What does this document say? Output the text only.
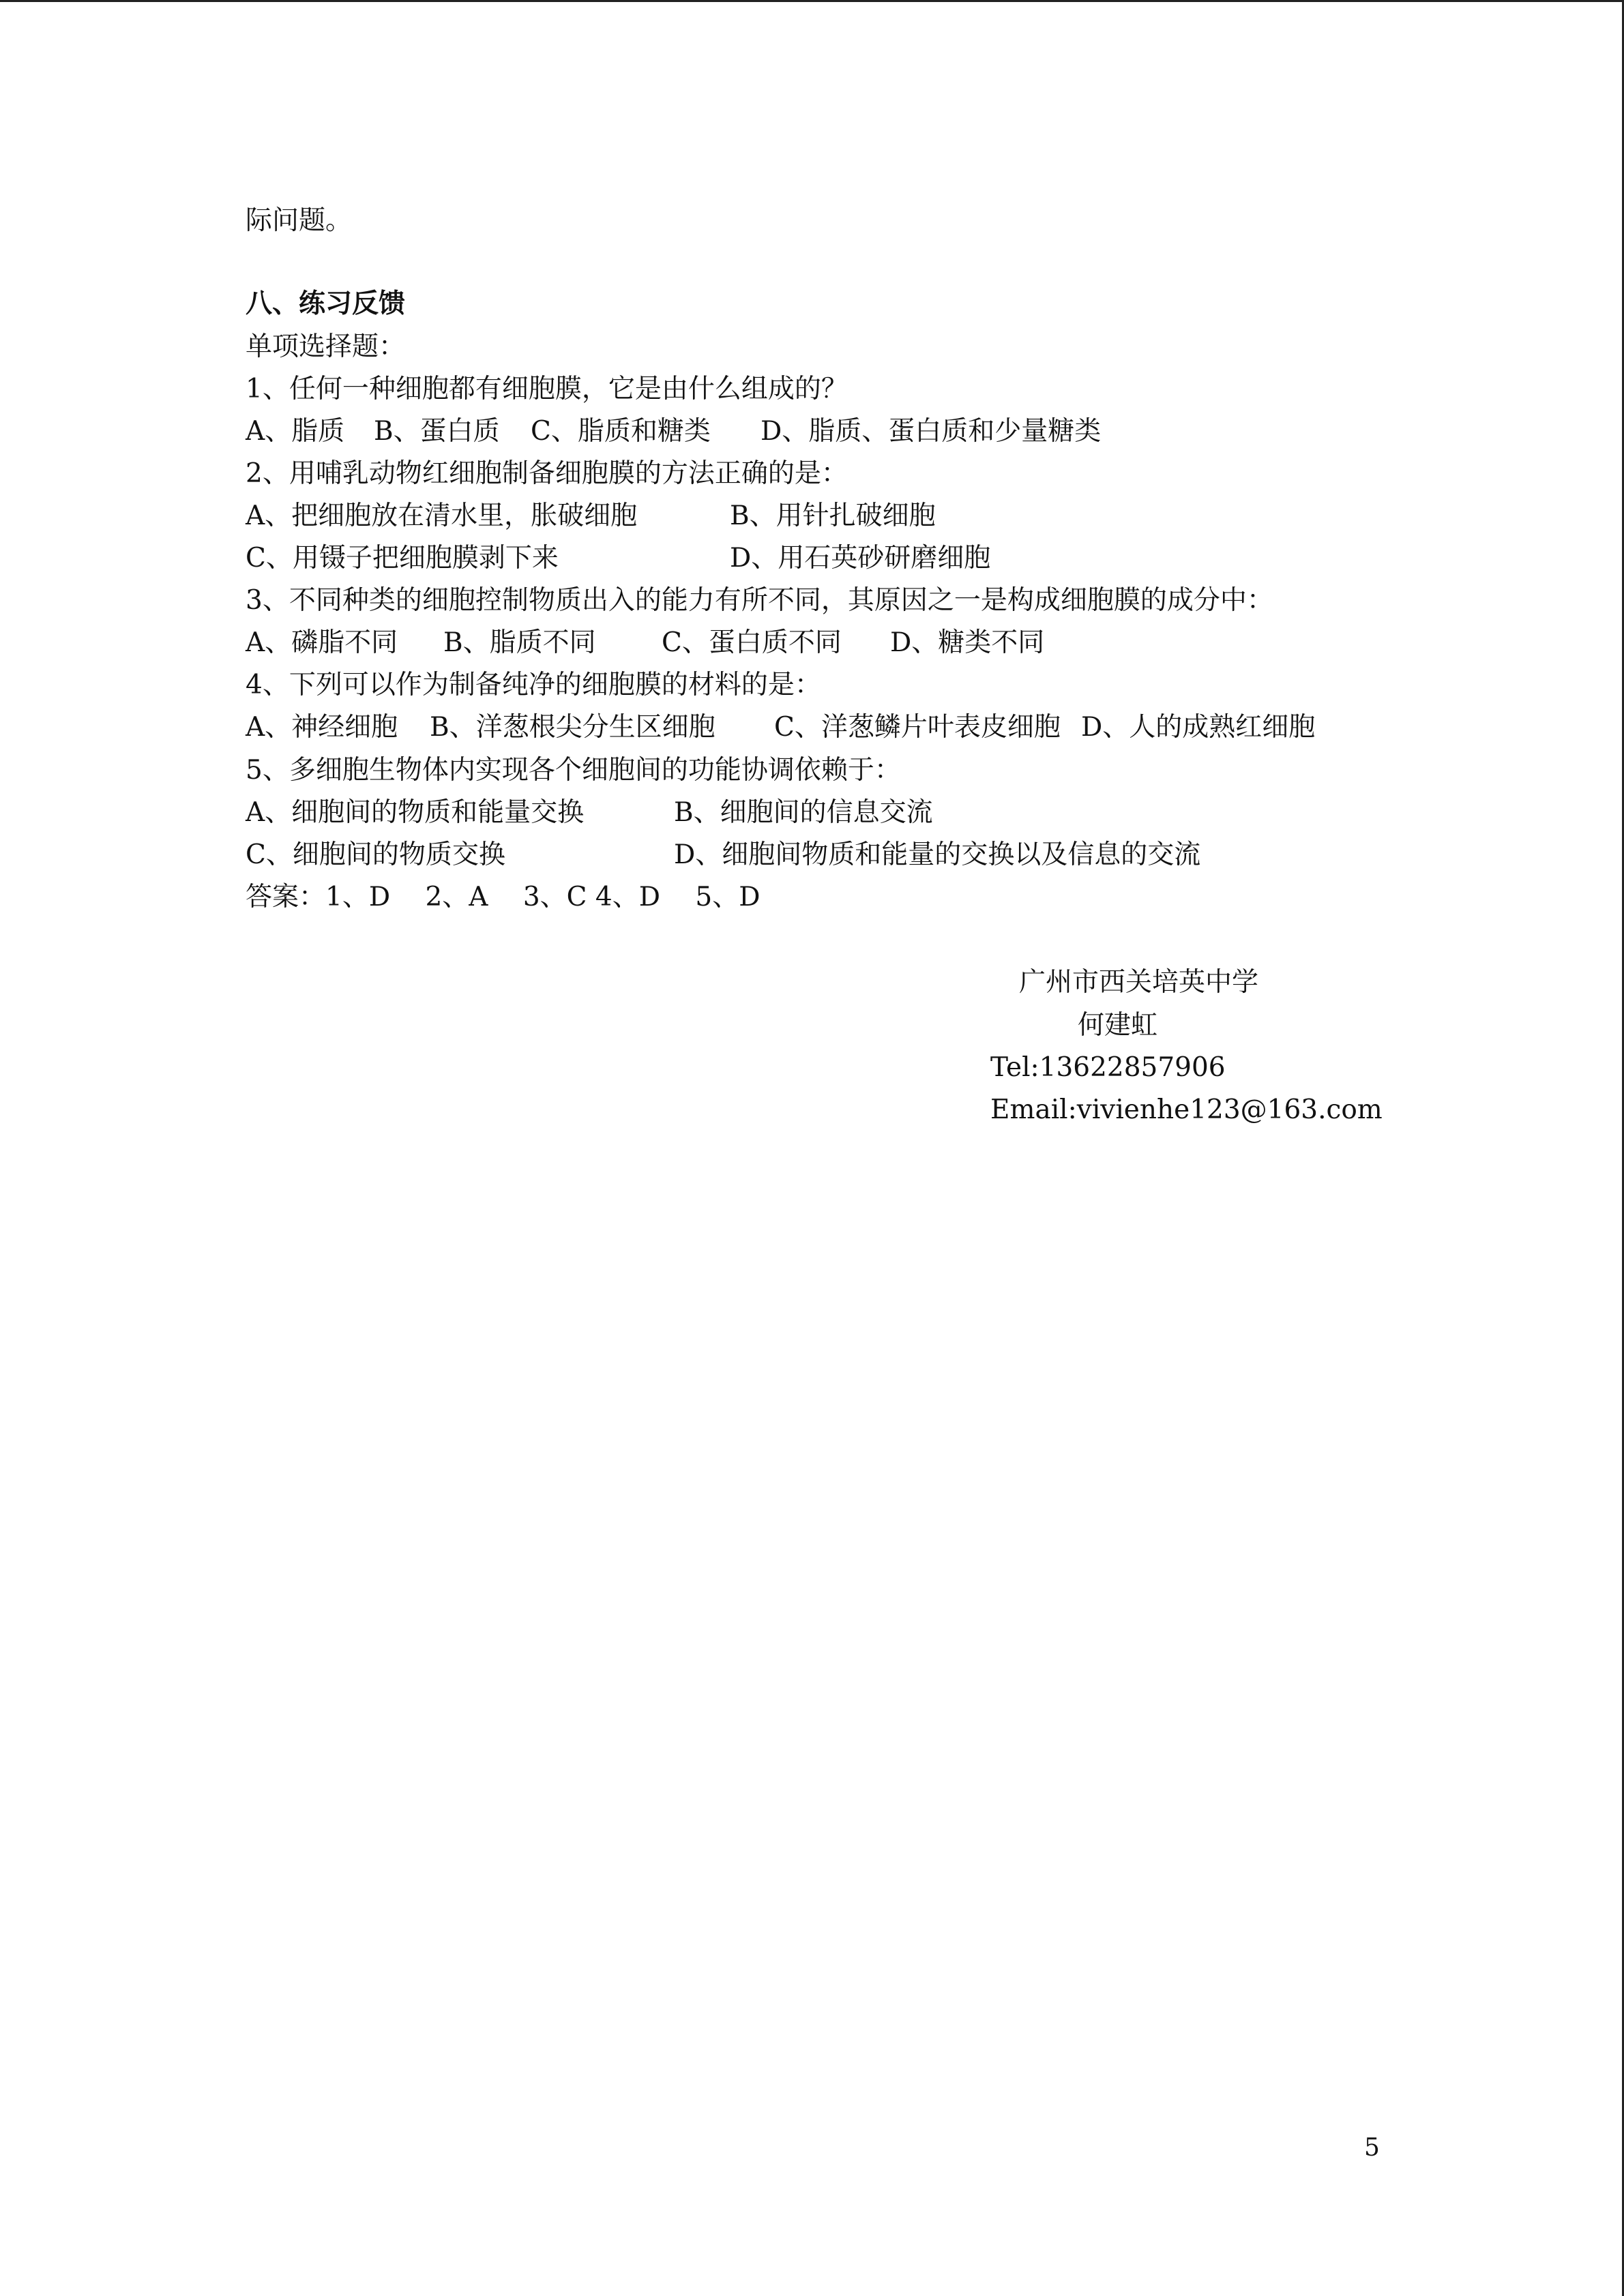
际问题。
八、练习反馈
单项选择题：
1、任何一种细胞都有细胞膜，它是由什么组成的？

A、脂质

B、蛋白质

C、脂质和糖类

D、脂质、蛋白质和少量糖类

2、用哺乳动物红细胞制备细胞膜的方法正确的是：

A、把细胞放在清水里，胀破细胞

	B、用针扎破细胞

C、用镊子把细胞膜剥下来

	D、用石英砂研磨细胞

3、不同种类的细胞控制物质出入的能力有所不同，其原因之一是构成细胞膜的成分中：

A、磷脂不同

B、脂质不同

C、蛋白质不同

D、糖类不同

4、下列可以作为制备纯净的细胞膜的材料的是：

A、神经细胞

B、洋葱根尖分生区细胞

C、洋葱鳞片叶表皮细胞

D、人的成熟红细胞

5、多细胞生物体内实现各个细胞间的功能协调依赖于：

A、细胞间的物质和能量交换

	B、细胞间的信息交流

C、细胞间的物质交换

	D、细胞间物质和能量的交换以及信息的交流

答案：1、D　 2、A　 3、C 4、D　 5、D
广州市西关培英中学
何建虹
Tel:13622857906
Email:vivienhe123@163.com
5
